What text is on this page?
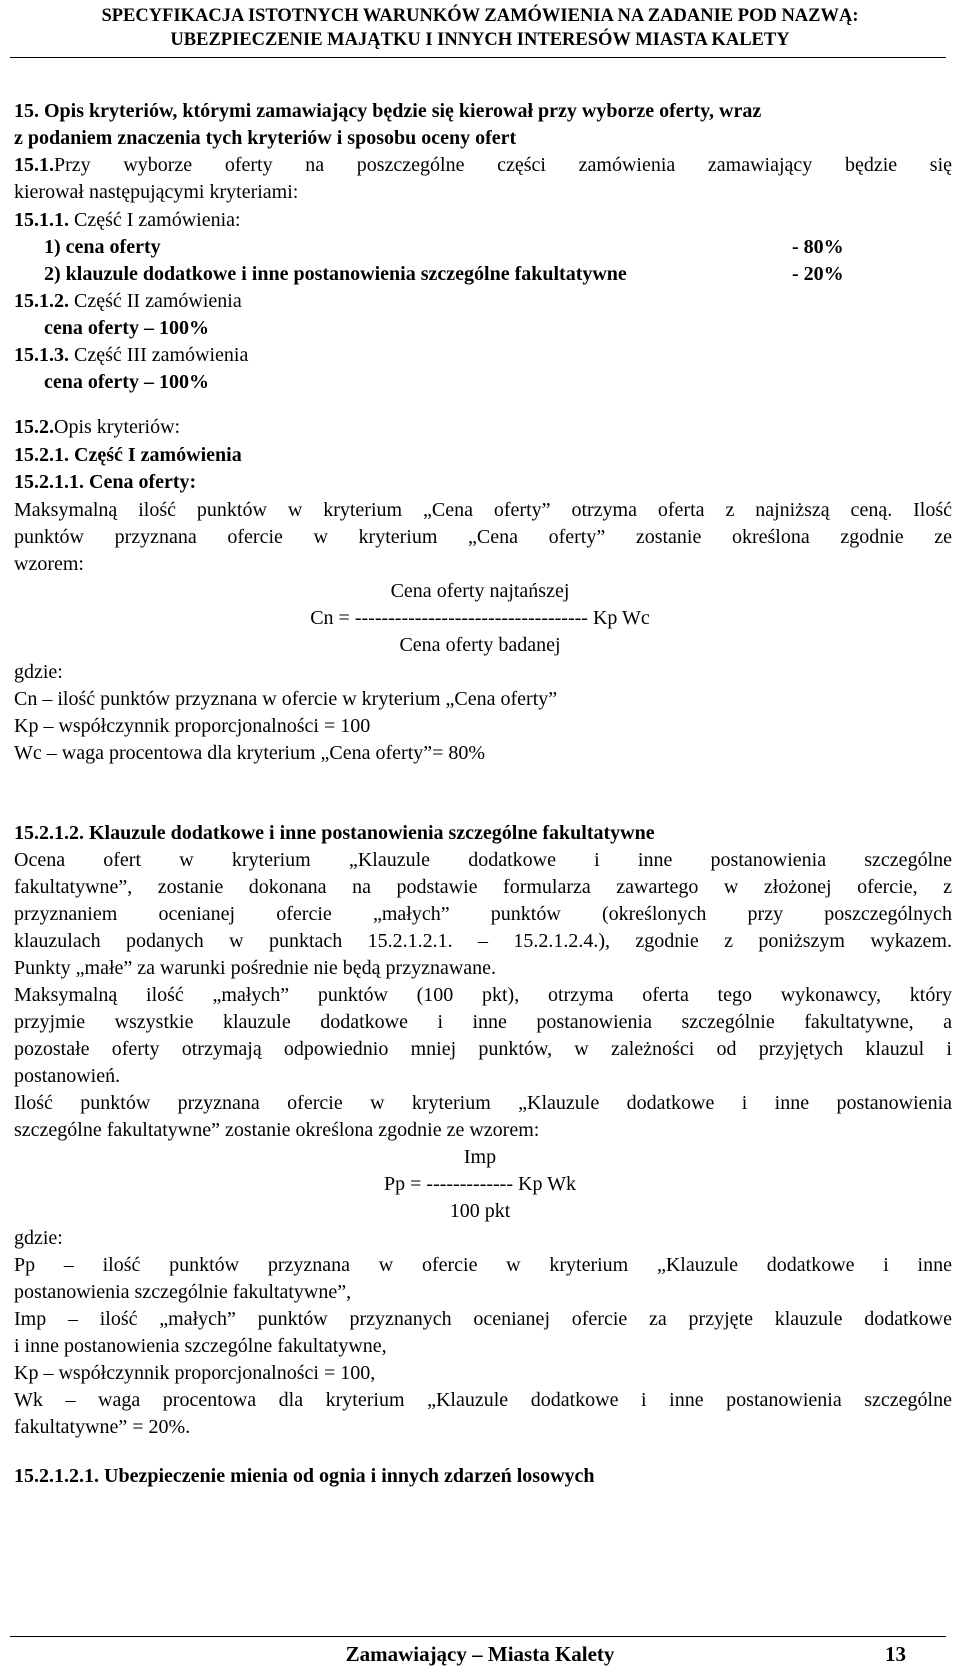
SPECYFIKACJA ISTOTNYCH WARUNKÓW ZAMÓWIENIA NA ZADANIE POD NAZWĄ:
UBEZPIECZENIE MAJĄTKU I INNYCH INTERESÓW MIASTA KALETY
15. Opis kryteriów, którymi zamawiający będzie się kierował przy wyborze oferty, wraz
z podaniem znaczenia tych kryteriów i sposobu oceny ofert
15.1.Przy wyborze oferty na poszczególne części zamówienia zamawiający będzie się
kierował następującymi kryteriami:
15.1.1. Część I zamówienia:
1) cena oferty	- 80%
2) klauzule dodatkowe i inne postanowienia szczególne fakultatywne	- 20%
15.1.2. Część II zamówienia
cena oferty – 100%
15.1.3. Część III zamówienia
cena oferty – 100%
15.2.Opis kryteriów:
15.2.1. Część I zamówienia
15.2.1.1. Cena oferty:
Maksymalną ilość punktów w kryterium „Cena oferty” otrzyma oferta z najniższą ceną. Ilość
punktów przyznana ofercie w kryterium „Cena oferty” zostanie określona zgodnie ze
wzorem:
Cena oferty najtańszej
Cn = ----------------------------------- Kp Wc
Cena oferty badanej
gdzie:
Cn – ilość punktów przyznana w ofercie w kryterium „Cena oferty”
Kp – współczynnik proporcjonalności = 100
Wc – waga procentowa dla kryterium „Cena oferty”= 80%
15.2.1.2. Klauzule dodatkowe i inne postanowienia szczególne fakultatywne
Ocena ofert w kryterium „Klauzule dodatkowe i inne postanowienia szczególne
fakultatywne”, zostanie dokonana na podstawie formularza zawartego w złożonej ofercie, z
przyznaniem ocenianej ofercie „małych” punktów (określonych przy poszczególnych
klauzulach podanych w punktach 15.2.1.2.1. – 15.2.1.2.4.), zgodnie z poniższym wykazem.
Punkty „małe” za warunki pośrednie nie będą przyznawane.
Maksymalną ilość „małych” punktów (100 pkt), otrzyma oferta tego wykonawcy, który
przyjmie wszystkie klauzule dodatkowe i inne postanowienia szczególnie fakultatywne, a
pozostałe oferty otrzymają odpowiednio mniej punktów, w zależności od przyjętych klauzul i
postanowień.
Ilość punktów przyznana ofercie w kryterium „Klauzule dodatkowe i inne postanowienia
szczególne fakultatywne” zostanie określona zgodnie ze wzorem:
Imp
Pp = ------------- Kp Wk
100 pkt
gdzie:
Pp – ilość punktów przyznana w ofercie w kryterium „Klauzule dodatkowe i inne
postanowienia szczególnie fakultatywne”,
Imp – ilość „małych” punktów przyznanych ocenianej ofercie za przyjęte klauzule dodatkowe
i inne postanowienia szczególne fakultatywne,
Kp – współczynnik proporcjonalności = 100,
Wk – waga procentowa dla kryterium „Klauzule dodatkowe i inne postanowienia szczególne
fakultatywne” = 20%.
15.2.1.2.1. Ubezpieczenie mienia od ognia i innych zdarzeń losowych
Zamawiający – Miasta Kalety	13
